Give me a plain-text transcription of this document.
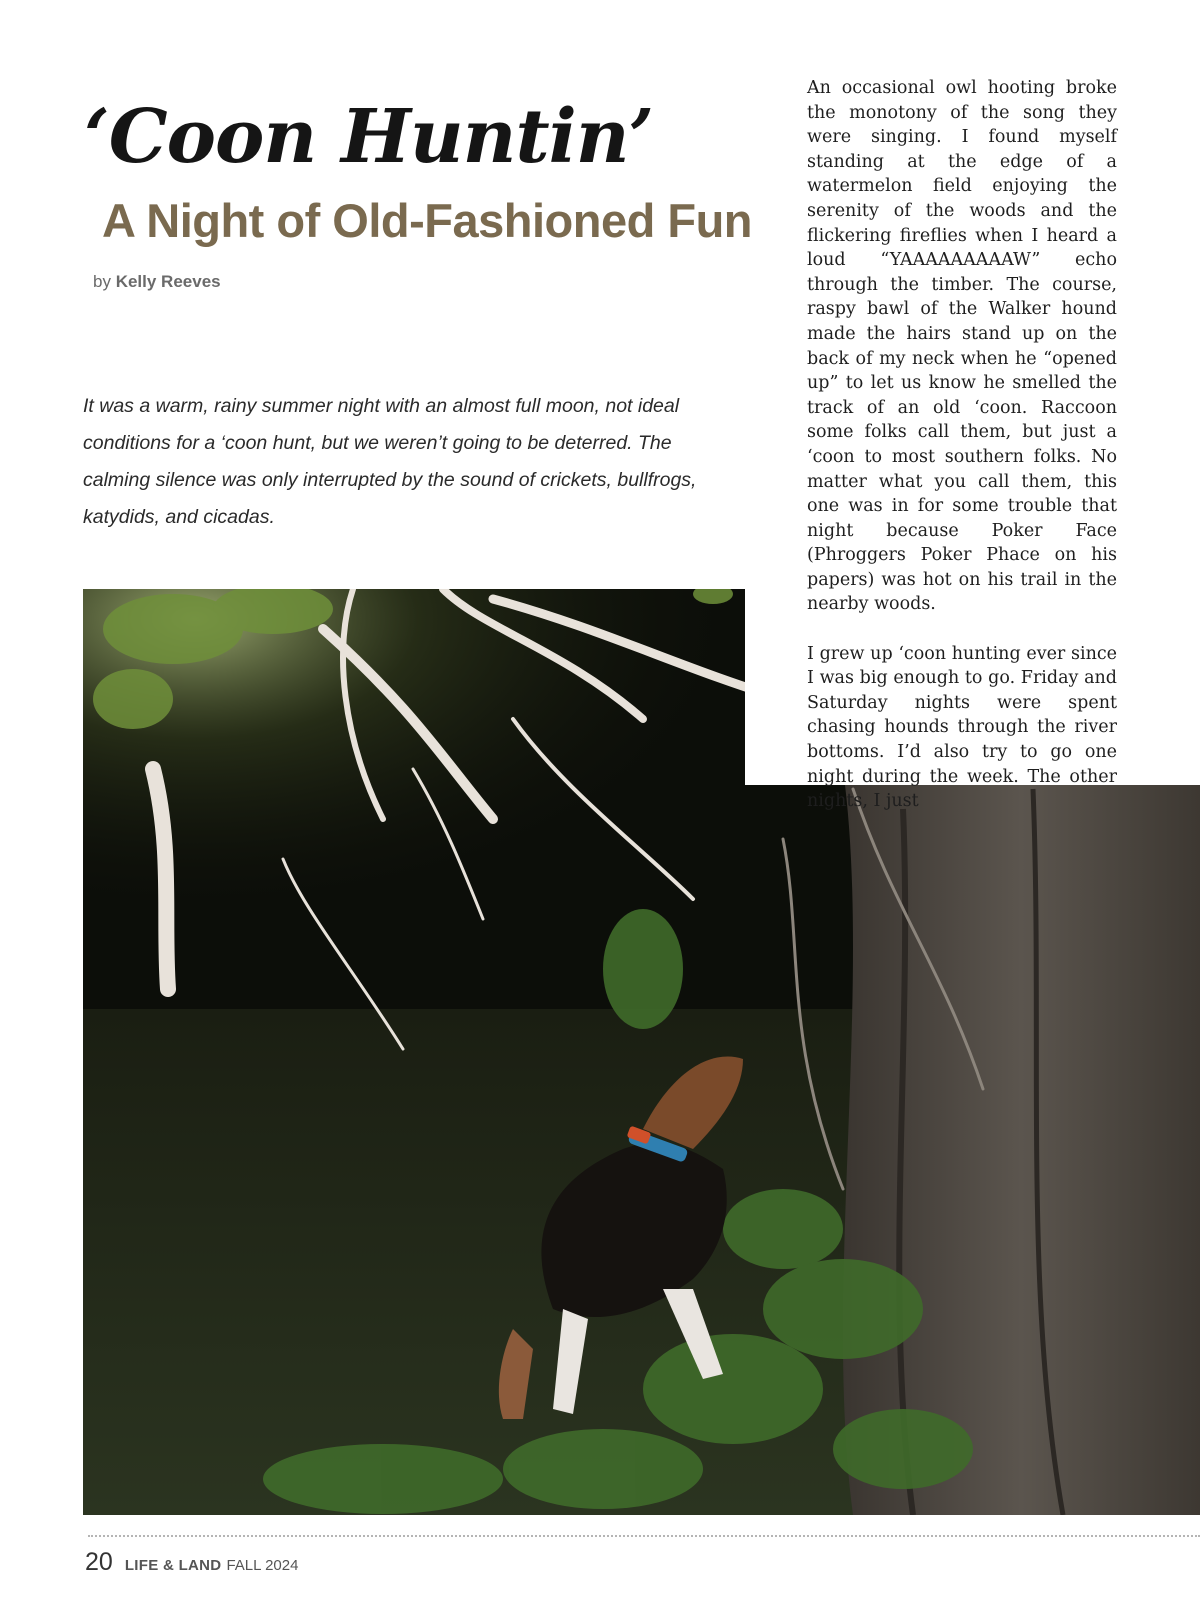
‘Coon Huntin’
A Night of Old-Fashioned Fun
by Kelly Reeves

It was a warm, rainy summer night with an almost full moon, not ideal conditions for a ‘coon hunt, but we weren’t going to be deterred. The calming silence was only interrupted by the sound of crickets, bullfrogs, katydids, and cicadas.

An occasional owl hooting broke the monotony of the song they were singing. I found myself standing at the edge of a watermelon field enjoying the serenity of the woods and the flickering fireflies when I heard a loud “YAAAAAAAAAW” echo through the timber. The course, raspy bawl of the Walker hound made the hairs stand up on the back of my neck when he “opened up” to let us know he smelled the track of an old ‘coon. Raccoon some folks call them, but just a ‘coon to most southern folks. No matter what you call them, this one was in for some trouble that night because Poker Face (Phroggers Poker Phace on his papers) was hot on his trail in the nearby woods.

I grew up ‘coon hunting ever since I was big enough to go. Friday and Saturday nights were spent chasing hounds through the river bottoms. I’d also try to go one night during the week. The other nights, I just

20 LIFE & LAND FALL 2024
